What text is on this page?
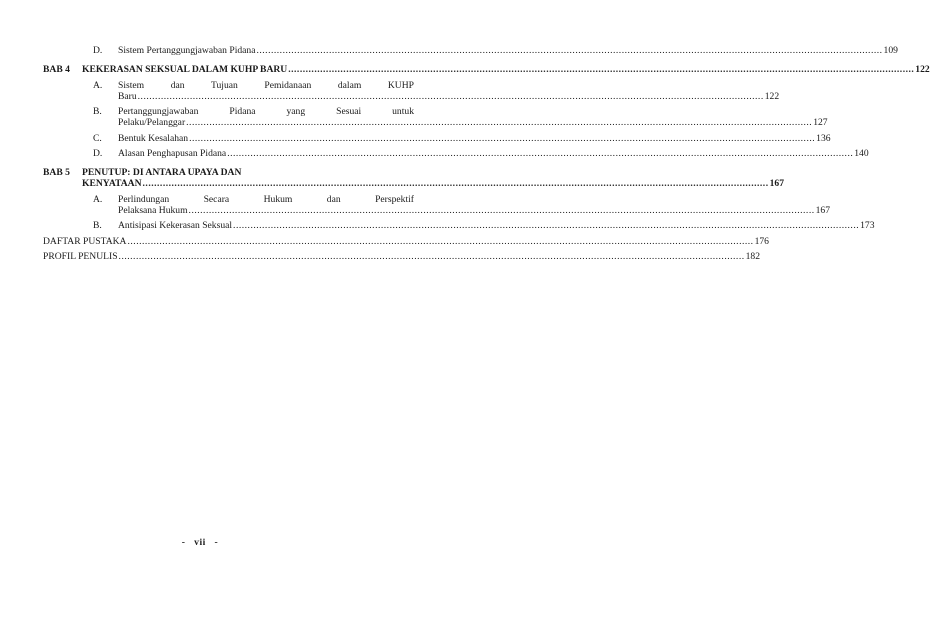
D.	Sistem Pertanggungjawaban Pidana .....	109
BAB 4	KEKERASAN SEKSUAL DALAM KUHP BARU .....	122
A.	Sistem dan Tujuan Pemidanaan dalam KUHP
Baru .....	122
B.	Pertanggungjawaban Pidana yang Sesuai untuk
Pelaku/Pelanggar .....	127
C.	Bentuk Kesalahan .....	136
D.	Alasan Penghapusan Pidana .....	140
BAB 5	PENUTUP: DI ANTARA UPAYA DAN
KENYATAAN .....	167
A.	Perlindungan Secara Hukum dan Perspektif
Pelaksana Hukum .....	167
B.	Antisipasi Kekerasan Seksual .....	173
DAFTAR PUSTAKA .....	176
PROFIL PENULIS .....	182
-   vii   -
